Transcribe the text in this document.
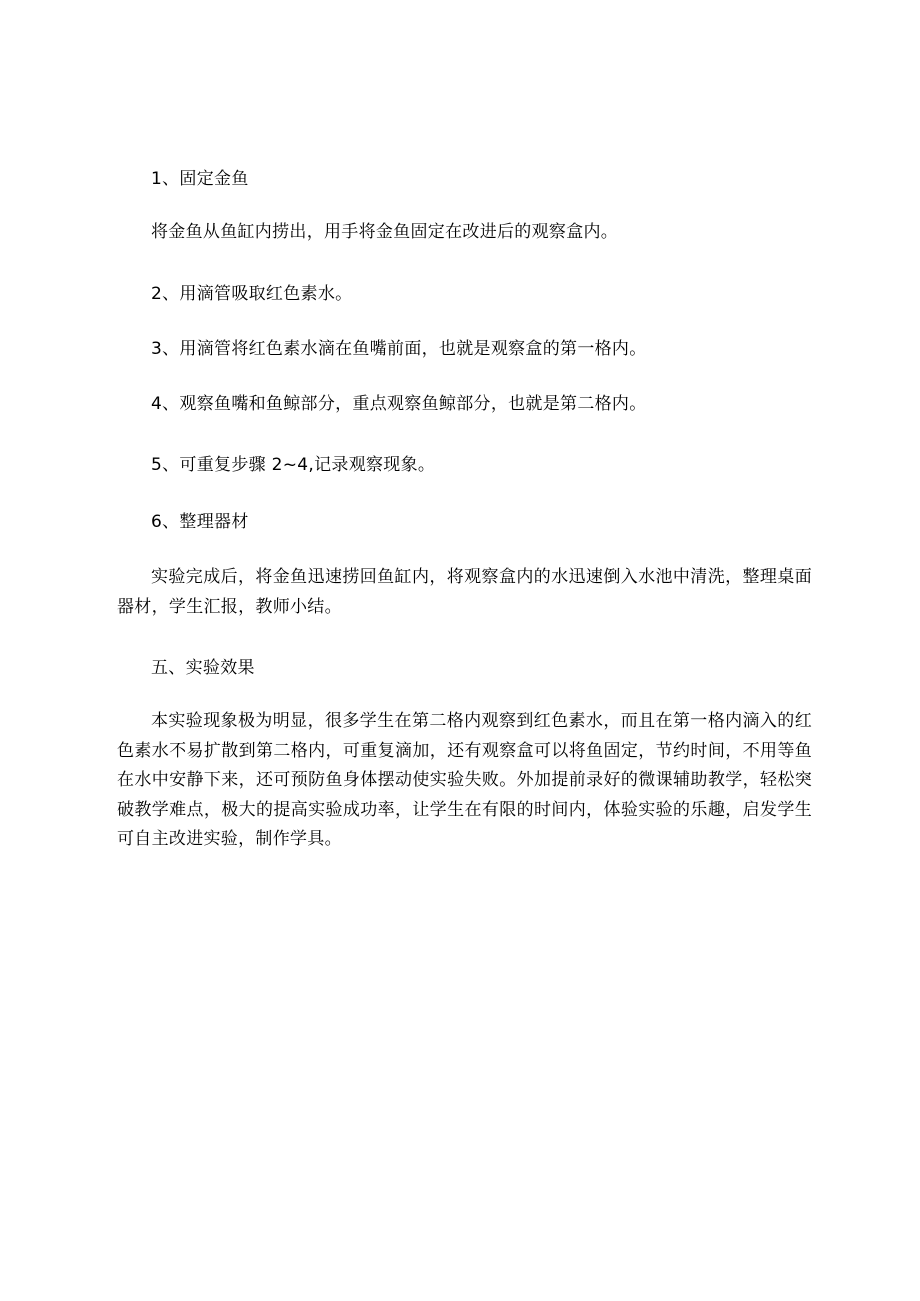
1、固定金鱼
将金鱼从鱼缸内捞出，用手将金鱼固定在改进后的观察盒内。
2、用滴管吸取红色素水。
3、用滴管将红色素水滴在鱼嘴前面，也就是观察盒的第一格内。
4、观察鱼嘴和鱼鲸部分，重点观察鱼鲸部分，也就是第二格内。
5、可重复步骤 2~4,记录观察现象。
6、整理器材
实验完成后，将金鱼迅速捞回鱼缸内，将观察盒内的水迅速倒入水池中清洗，整理桌面器材，学生汇报，教师小结。
五、实验效果
本实验现象极为明显，很多学生在第二格内观察到红色素水，而且在第一格内滴入的红色素水不易扩散到第二格内，可重复滴加，还有观察盒可以将鱼固定，节约时间，不用等鱼在水中安静下来，还可预防鱼身体摆动使实验失败。外加提前录好的微课辅助教学，轻松突破教学难点，极大的提高实验成功率，让学生在有限的时间内，体验实验的乐趣，启发学生可自主改进实验，制作学具。
